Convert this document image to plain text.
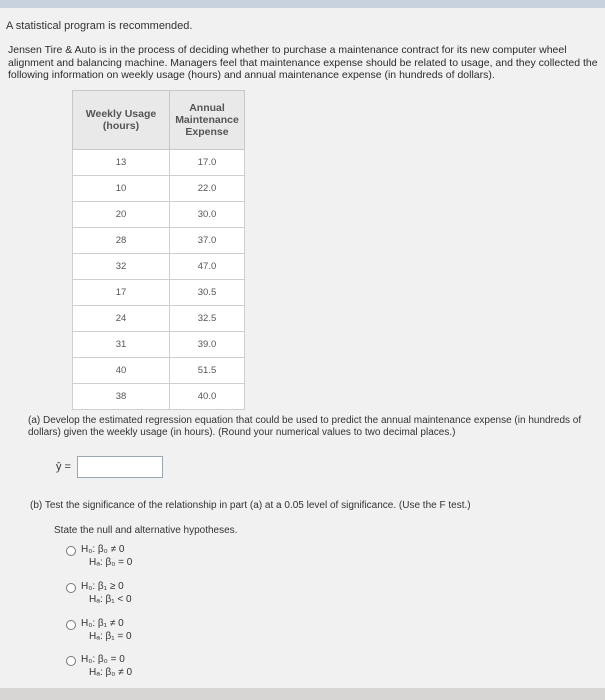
A statistical program is recommended.
Jensen Tire & Auto is in the process of deciding whether to purchase a maintenance contract for its new computer wheel alignment and balancing machine. Managers feel that maintenance expense should be related to usage, and they collected the following information on weekly usage (hours) and annual maintenance expense (in hundreds of dollars).
Weekly Usage (hours)	Annual Maintenance Expense
13	17.0
10	22.0
20	30.0
28	37.0
32	47.0
17	30.5
24	32.5
31	39.0
40	51.5
38	40.0
(a) Develop the estimated regression equation that could be used to predict the annual maintenance expense (in hundreds of dollars) given the weekly usage (in hours). (Round your numerical values to two decimal places.)
ŷ =
(b) Test the significance of the relationship in part (a) at a 0.05 level of significance. (Use the F test.)
State the null and alternative hypotheses.
H₀: β₀ ≠ 0
Hₐ: β₀ = 0
H₀: β₁ ≥ 0
Hₐ: β₁ < 0
H₀: β₁ ≠ 0
Hₐ: β₁ = 0
H₀: β₀ = 0
Hₐ: β₀ ≠ 0
